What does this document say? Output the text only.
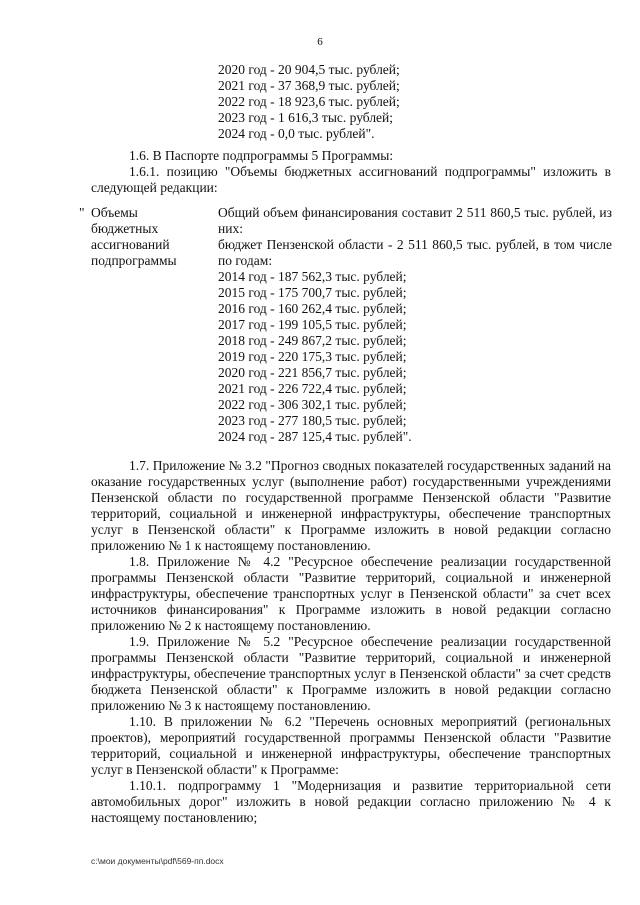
6
2020 год - 20 904,5 тыс. рублей;
2021 год - 37 368,9 тыс. рублей;
2022 год - 18 923,6 тыс. рублей;
2023 год - 1 616,3 тыс. рублей;
2024 год - 0,0 тыс. рублей".

1.6. В Паспорте подпрограммы 5 Программы:

1.6.1. позицию "Объемы бюджетных ассигнований подпрограммы" изложить в следующей редакции:

" Объемы
бюджетных
ассигнований
подпрограммы
Общий объем финансирования составит 2 511 860,5 тыс. рублей, из них:
бюджет Пензенской области - 2 511 860,5 тыс. рублей, в том числе по годам:
2014 год - 187 562,3 тыс. рублей;
2015 год - 175 700,7 тыс. рублей;
2016 год - 160 262,4 тыс. рублей;
2017 год - 199 105,5 тыс. рублей;
2018 год - 249 867,2 тыс. рублей;
2019 год - 220 175,3 тыс. рублей;
2020 год - 221 856,7 тыс. рублей;
2021 год - 226 722,4 тыс. рублей;
2022 год - 306 302,1 тыс. рублей;
2023 год - 277 180,5 тыс. рублей;
2024 год - 287 125,4 тыс. рублей".

1.7. Приложение № 3.2 "Прогноз сводных показателей государственных заданий на оказание государственных услуг (выполнение работ) государственными учреждениями Пензенской области по государственной программе Пензенской области "Развитие территорий, социальной и инженерной инфраструктуры, обеспечение транспортных услуг в Пензенской области" к Программе изложить в новой редакции согласно приложению № 1 к настоящему постановлению.

1.8. Приложение № 4.2 "Ресурсное обеспечение реализации государственной программы Пензенской области "Развитие территорий, социальной и инженерной инфраструктуры, обеспечение транспортных услуг в Пензенской области" за счет всех источников финансирования" к Программе изложить в новой редакции согласно приложению № 2 к настоящему постановлению.

1.9. Приложение № 5.2 "Ресурсное обеспечение реализации государственной программы Пензенской области "Развитие территорий, социальной и инженерной инфраструктуры, обеспечение транспортных услуг в Пензенской области" за счет средств бюджета Пензенской области" к Программе изложить в новой редакции согласно приложению № 3 к настоящему постановлению.

1.10. В приложении № 6.2 "Перечень основных мероприятий (региональных проектов), мероприятий государственной программы Пензенской области "Развитие территорий, социальной и инженерной инфраструктуры, обеспечение транспортных услуг в Пензенской области" к Программе:

1.10.1. подпрограмму 1 "Модернизация и развитие территориальной сети автомобильных дорог" изложить в новой редакции согласно приложению № 4 к настоящему постановлению;

c:\мои документы\pdf\569-пп.docx
